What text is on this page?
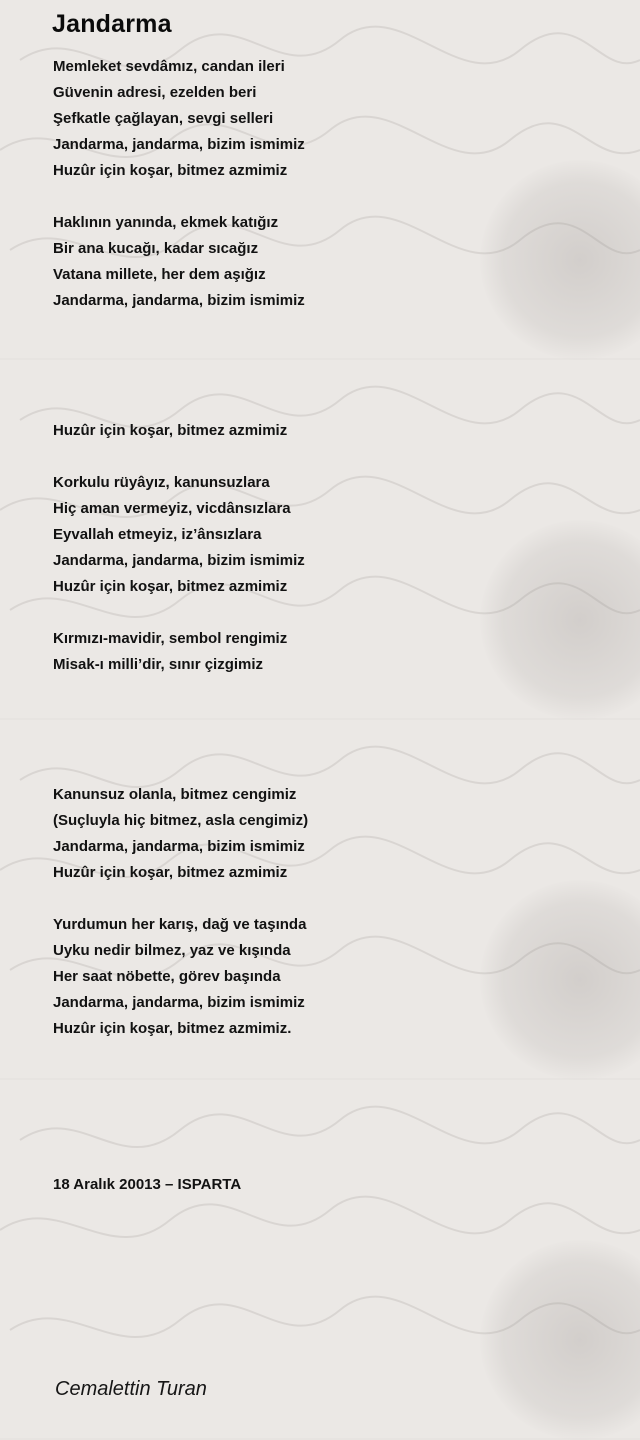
Jandarma
Memleket sevdâmız, candan ileri
Güvenin adresi, ezelden beri
Şefkatle çağlayan, sevgi selleri
Jandarma, jandarma, bizim ismimiz
Huzûr için koşar, bitmez azmimiz
Haklının yanında, ekmek katığız
Bir ana kucağı, kadar sıcağız
Vatana millete, her dem aşığız
Jandarma, jandarma, bizim ismimiz
Huzûr için koşar, bitmez azmimiz
Korkulu rüyâyız, kanunsuzlara
Hiç aman vermeyiz, vicdânsızlara
Eyvallah etmeyiz, iz’ânsızlara
Jandarma, jandarma, bizim ismimiz
Huzûr için koşar, bitmez azmimiz
Kırmızı-mavidir, sembol rengimiz
Misak-ı milli’dir, sınır çizgimiz
Kanunsuz olanla, bitmez cengimiz
(Suçluyla hiç bitmez, asla cengimiz)
Jandarma, jandarma, bizim ismimiz
Huzûr için koşar, bitmez azmimiz
Yurdumun her karış, dağ ve taşında
Uyku nedir bilmez, yaz ve kışında
Her saat nöbette, görev başında
Jandarma, jandarma, bizim ismimiz
Huzûr için koşar, bitmez azmimiz.
18 Aralık 20013 – ISPARTA
Cemalettin Turan
